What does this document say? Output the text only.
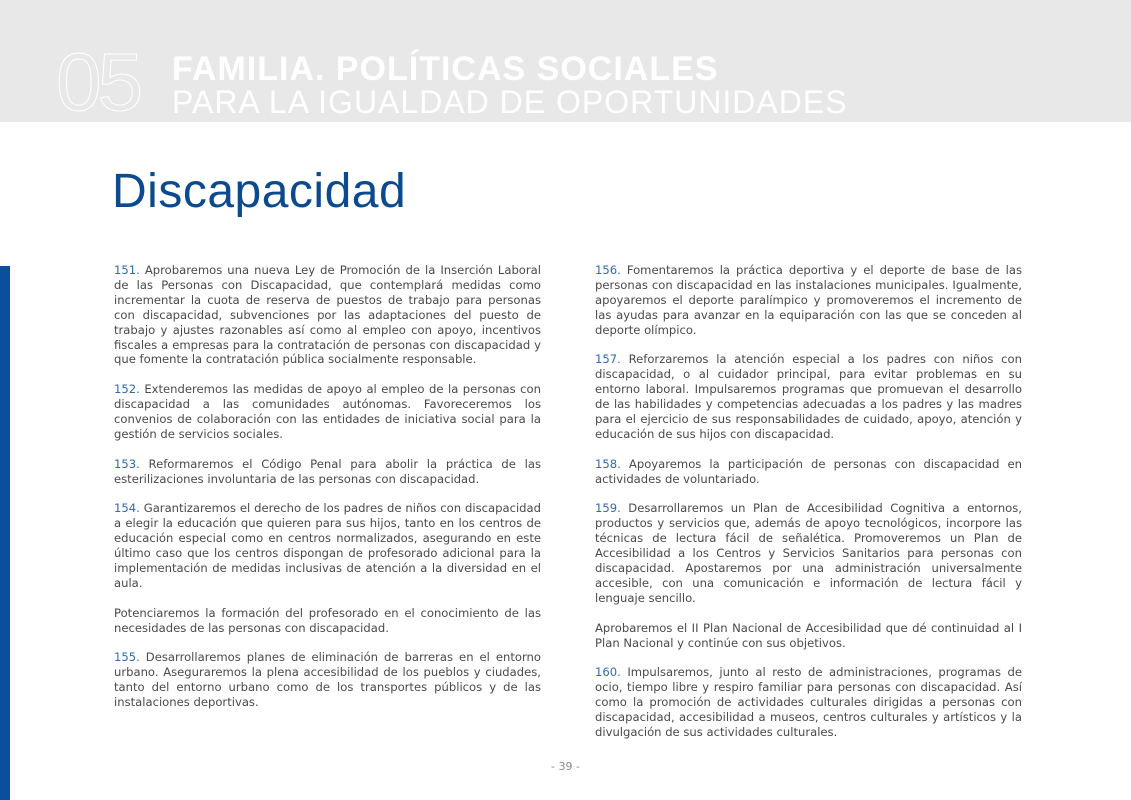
05 FAMILIA. POLÍTICAS SOCIALES
PARA LA IGUALDAD DE OPORTUNIDADES
Discapacidad

151. Aprobaremos una nueva Ley de Promoción de la Inserción Laboral de las Personas con Discapacidad, que contemplará medidas como incrementar la cuota de reserva de puestos de trabajo para personas con discapacidad, subvenciones por las adaptaciones del puesto de trabajo y ajustes razonables así como al empleo con apoyo, incentivos fiscales a empresas para la contratación de personas con discapacidad y que fomente la contratación pública socialmente responsable.

152. Extenderemos las medidas de apoyo al empleo de la personas con discapacidad a las comunidades autónomas. Favoreceremos los convenios de colaboración con las entidades de iniciativa social para la gestión de servicios sociales.

153. Reformaremos el Código Penal para abolir la práctica de las esterilizaciones involuntaria de las personas con discapacidad.

154. Garantizaremos el derecho de los padres de niños con discapacidad a elegir la educación que quieren para sus hijos, tanto en los centros de educación especial como en centros normalizados, asegurando en este último caso que los centros dispongan de profesorado adicional para la implementación de medidas inclusivas de atención a la diversidad en el aula.

Potenciaremos la formación del profesorado en el conocimiento de las necesidades de las personas con discapacidad.

155. Desarrollaremos planes de eliminación de barreras en el entorno urbano. Aseguraremos la plena accesibilidad de los pueblos y ciudades, tanto del entorno urbano como de los transportes públicos y de las instalaciones deportivas.

156. Fomentaremos la práctica deportiva y el deporte de base de las personas con discapacidad en las instalaciones municipales. Igualmente, apoyaremos el deporte paralímpico y promoveremos el incremento de las ayudas para avanzar en la equiparación con las que se conceden al deporte olímpico.

157. Reforzaremos la atención especial a los padres con niños con discapacidad, o al cuidador principal, para evitar problemas en su entorno laboral. Impulsaremos programas que promuevan el desarrollo de las habilidades y competencias adecuadas a los padres y las madres para el ejercicio de sus responsabilidades de cuidado, apoyo, atención y educación de sus hijos con discapacidad.

158. Apoyaremos la participación de personas con discapacidad en actividades de voluntariado.

159. Desarrollaremos un Plan de Accesibilidad Cognitiva a entornos, productos y servicios que, además de apoyo tecnológicos, incorpore las técnicas de lectura fácil de señalética. Promoveremos un Plan de Accesibilidad a los Centros y Servicios Sanitarios para personas con discapacidad. Apostaremos por una administración universalmente accesible, con una comunicación e información de lectura fácil y lenguaje sencillo.

Aprobaremos el II Plan Nacional de Accesibilidad que dé continuidad al I Plan Nacional y continúe con sus objetivos.

160. Impulsaremos, junto al resto de administraciones, programas de ocio, tiempo libre y respiro familiar para personas con discapacidad. Así como la promoción de actividades culturales dirigidas a personas con discapacidad, accesibilidad a museos, centros culturales y artísticos y la divulgación de sus actividades culturales.

- 39 -
